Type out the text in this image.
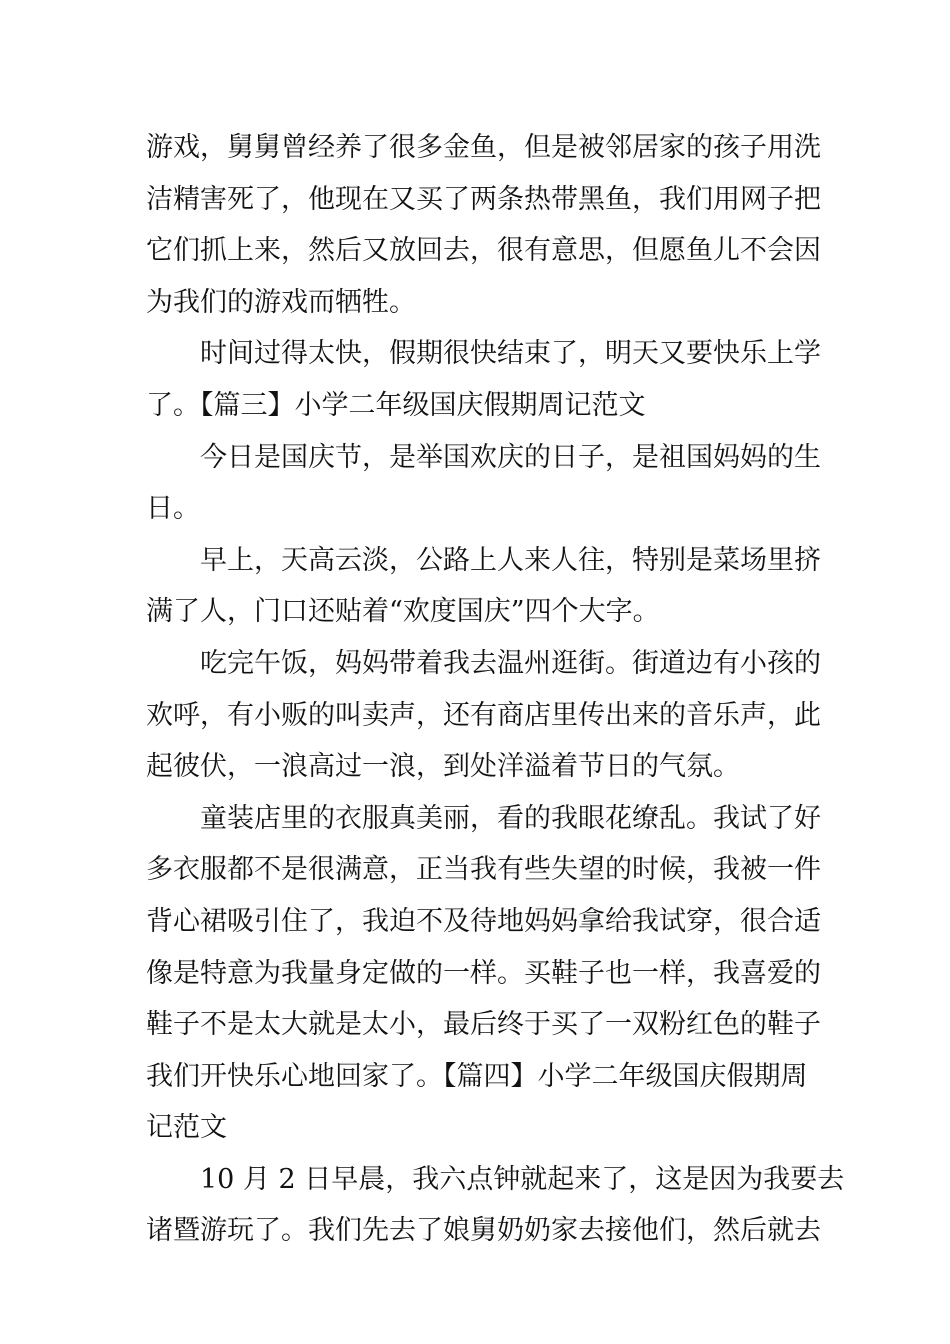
游戏，舅舅曾经养了很多金鱼，但是被邻居家的孩子用洗
洁精害死了，他现在又买了两条热带黑鱼，我们用网子把
它们抓上来，然后又放回去，很有意思，但愿鱼儿不会因
为我们的游戏而牺牲。
时间过得太快，假期很快结束了，明天又要快乐上学
了。【篇三】小学二年级国庆假期周记范文
今日是国庆节，是举国欢庆的日子，是祖国妈妈的生
日。
早上，天高云淡，公路上人来人往，特别是菜场里挤
满了人，门口还贴着“欢度国庆”四个大字。
吃完午饭，妈妈带着我去温州逛街。街道边有小孩的
欢呼，有小贩的叫卖声，还有商店里传出来的音乐声，此
起彼伏，一浪高过一浪，到处洋溢着节日的气氛。
童装店里的衣服真美丽，看的我眼花缭乱。我试了好
多衣服都不是很满意，正当我有些失望的时候，我被一件
背心裙吸引住了，我迫不及待地妈妈拿给我试穿，很合适
像是特意为我量身定做的一样。买鞋子也一样，我喜爱的
鞋子不是太大就是太小，最后终于买了一双粉红色的鞋子
我们开快乐心地回家了。【篇四】小学二年级国庆假期周
记范文
10 月 2 日早晨，我六点钟就起来了，这是因为我要去
诸暨游玩了。我们先去了娘舅奶奶家去接他们，然后就去
